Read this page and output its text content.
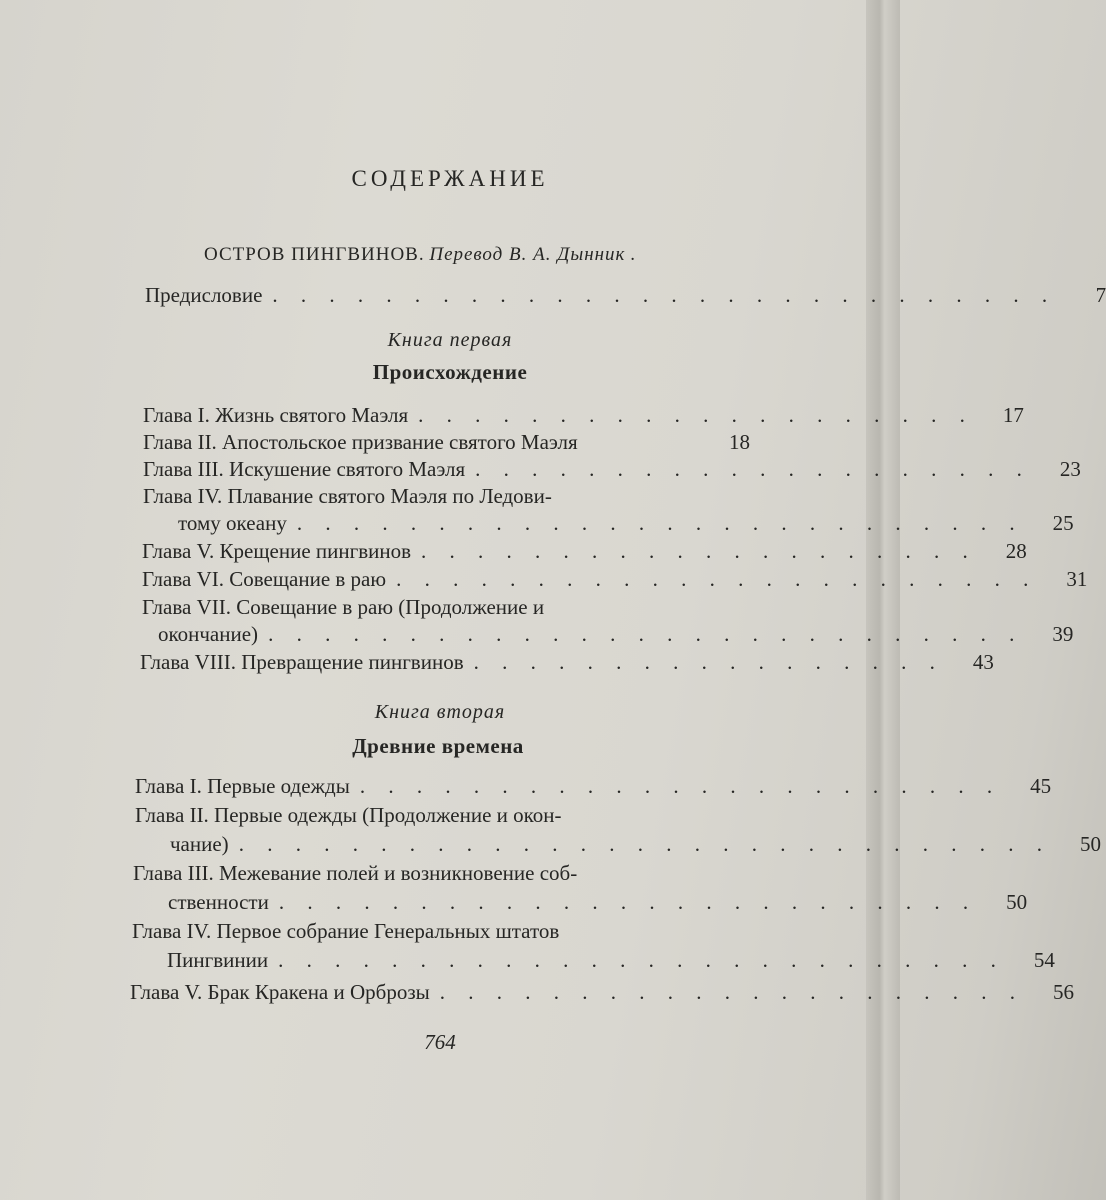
СОДЕРЖАНИЕ
ОСТРОВ ПИНГВИНОВ. Перевод В. А. Дынник .
Предисловие . . . . . . . . . . . . . . . . . . . . . . . . . . . .	7
Книга первая
Происхождение
Глава I. Жизнь святого Маэля . . . . . . . . . . . . . . . . . . . .	17
Глава II. Апостольское призвание святого Маэля	18
Глава III. Искушение святого Маэля . . . . . . . . . . . . . . . . . . . .	23
Глава IV. Плавание святого Маэля по Ледови-
тому океану . . . . . . . . . . . . . . . . . . . . . . . . . .	25
Глава V. Крещение пингвинов . . . . . . . . . . . . . . . . . . . .	28
Глава VI. Совещание в раю . . . . . . . . . . . . . . . . . . . . . . .	31
Глава VII. Совещание в раю (Продолжение и
окончание) . . . . . . . . . . . . . . . . . . . . . . . . . . .	39
Глава VIII. Превращение пингвинов . . . . . . . . . . . . . . . . .	43
Книга вторая
Древние времена
Глава I. Первые одежды . . . . . . . . . . . . . . . . . . . . . . .	45
Глава II. Первые одежды (Продолжение и окон-
чание) . . . . . . . . . . . . . . . . . . . . . . . . . . . . .	50
Глава III. Межевание полей и возникновение соб-
ственности . . . . . . . . . . . . . . . . . . . . . . . . .	50
Глава IV. Первое собрание Генеральных штатов
Пингвинии . . . . . . . . . . . . . . . . . . . . . . . . . .	54
Глава V. Брак Кракена и Орброзы . . . . . . . . . . . . . . . . . . . . .	56
764
